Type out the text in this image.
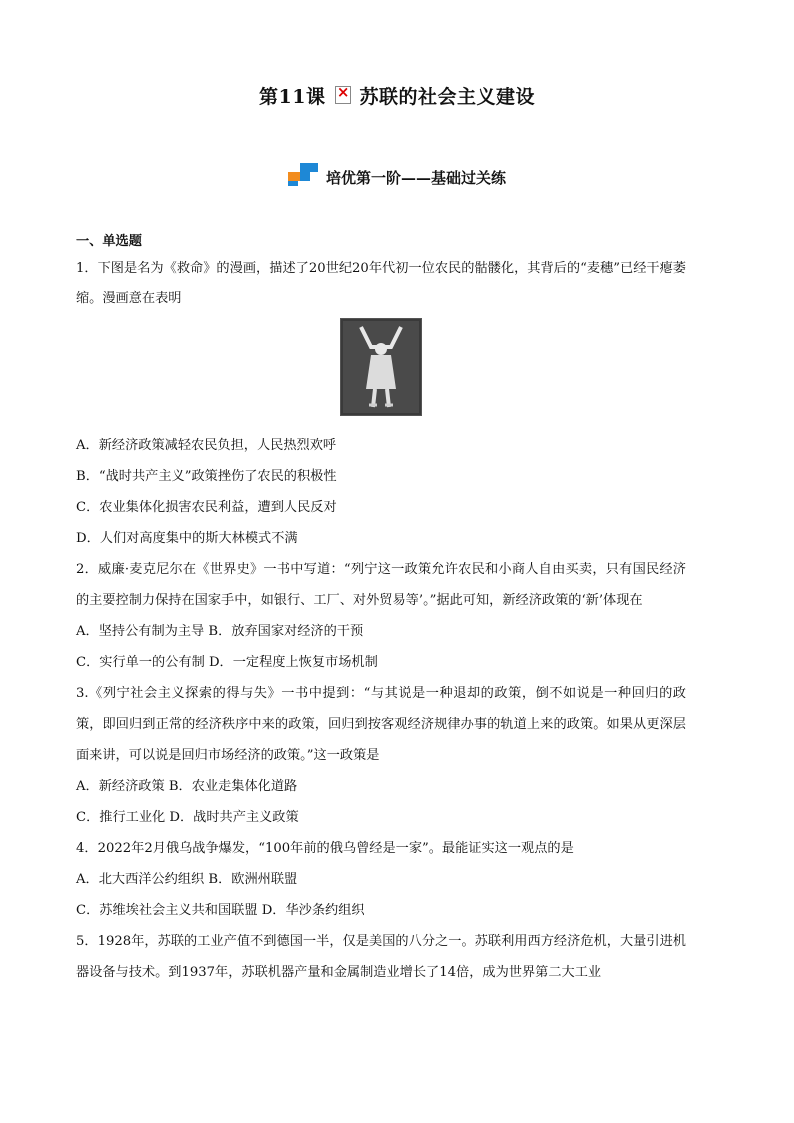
第11课× 苏联的社会主义建设
培优第一阶——基础过关练

一、单选题

1．下图是名为《救命》的漫画，描述了20世纪20年代初一位农民的骷髅化，其背后的“麦穗”已经干瘪萎缩。漫画意在表明

A．新经济政策减轻农民负担，人民热烈欢呼

B．“战时共产主义”政策挫伤了农民的积极性

C．农业集体化损害农民利益，遭到人民反对

D．人们对高度集中的斯大林模式不满

2．威廉·麦克尼尔在《世界史》一书中写道：“列宁这一政策允许农民和小商人自由买卖，只有国民经济的主要控制力保持在国家手中，如银行、工厂、对外贸易等’。”据此可知，新经济政策的‘新’体现在

A．坚持公有制为主导 B．放弃国家对经济的干预

C．实行单一的公有制 D．一定程度上恢复市场机制

3.《列宁社会主义探索的得与失》一书中提到：“与其说是一种退却的政策，倒不如说是一种回归的政策，即回归到正常的经济秩序中来的政策，回归到按客观经济规律办事的轨道上来的政策。如果从更深层面来讲，可以说是回归市场经济的政策。”这一政策是

A．新经济政策 B．农业走集体化道路

C．推行工业化 D．战时共产主义政策

4．2022年2月俄乌战争爆发，“100年前的俄乌曾经是一家”。最能证实这一观点的是

A．北大西洋公约组织 B．欧洲州联盟

C．苏维埃社会主义共和国联盟 D．华沙条约组织

5．1928年，苏联的工业产值不到德国一半，仅是美国的八分之一。苏联利用西方经济危机，大量引进机器设备与技术。到1937年，苏联机器产量和金属制造业增长了14倍，成为世界第二大工业
